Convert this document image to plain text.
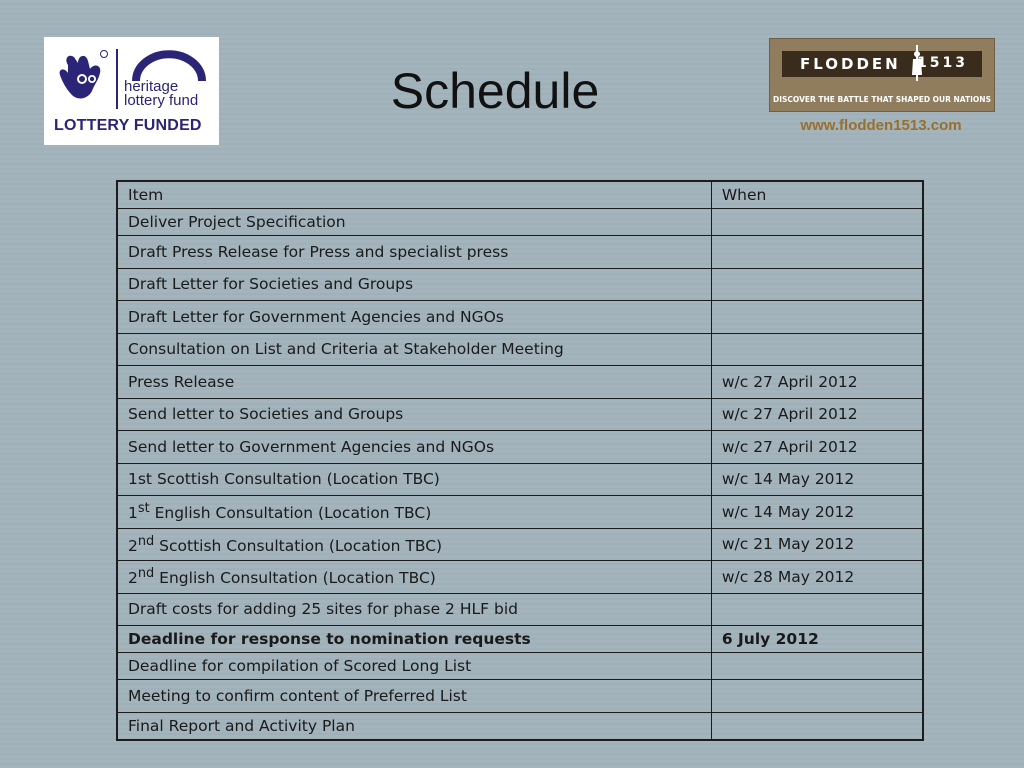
heritage
lottery fund
LOTTERY FUNDED
Schedule	FLODDEN 1513
DISCOVER THE BATTLE THAT SHAPED OUR NATIONS
www.flodden1513.com
Item	When
Deliver Project Specification	
Draft Press Release for Press and specialist press	
Draft Letter for Societies and Groups	
Draft Letter for Government Agencies and NGOs	
Consultation on List and Criteria at Stakeholder Meeting	
Press Release	w/c 27 April 2012
Send letter to Societies and Groups	w/c 27 April 2012
Send letter to Government Agencies and NGOs	w/c 27 April 2012
1st Scottish Consultation (Location TBC)	w/c 14 May 2012
1st English Consultation (Location TBC)	w/c 14 May 2012
2nd Scottish Consultation (Location TBC)	w/c 21 May 2012
2nd English Consultation (Location TBC)	w/c 28 May 2012
Draft costs for adding 25 sites for phase 2 HLF bid	
Deadline for response to nomination requests	6 July 2012
Deadline for compilation of Scored Long List	
Meeting to confirm content of Preferred List	
Final Report and Activity Plan	
